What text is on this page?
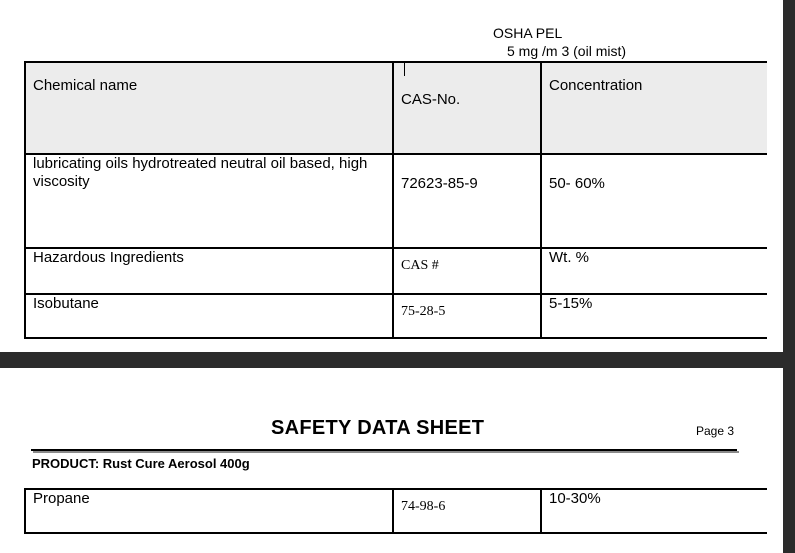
OSHA PEL
5 mg /m 3 (oil mist)
Chemical name	CAS-No.	Concentration
lubricating oils hydrotreated neutral oil based, high viscosity	72623-85-9	50- 60%
Hazardous Ingredients	CAS #	Wt. %
Isobutane	75-28-5	5-15%
SAFETY DATA SHEET	Page 3
PRODUCT: Rust Cure Aerosol 400g
Propane	74-98-6	10-30%
